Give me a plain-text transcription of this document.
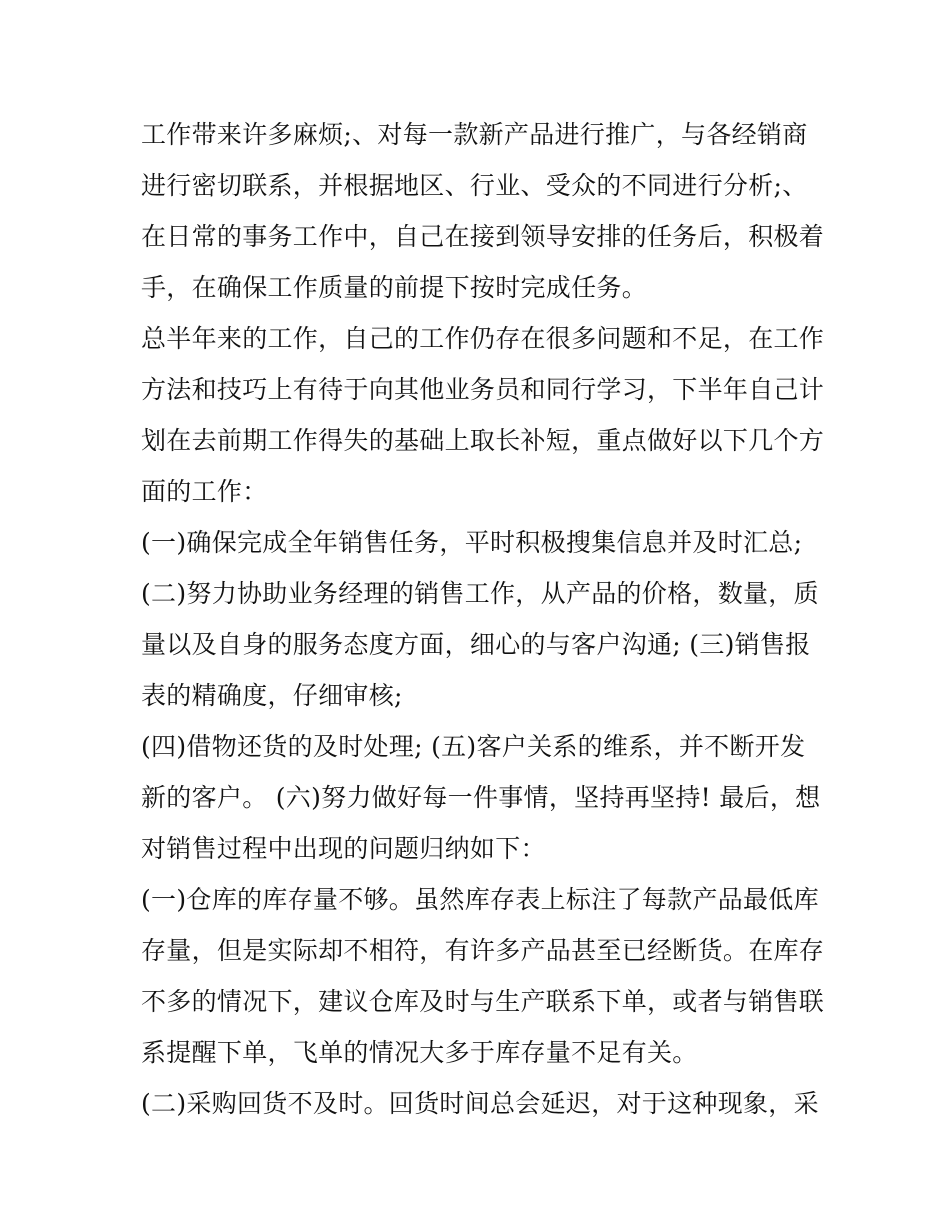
工作带来许多麻烦;、对每一款新产品进行推广，与各经销商
进行密切联系，并根据地区、行业、受众的不同进行分析;、
在日常的事务工作中，自己在接到领导安排的任务后，积极着
手，在确保工作质量的前提下按时完成任务。
总半年来的工作，自己的工作仍存在很多问题和不足，在工作
方法和技巧上有待于向其他业务员和同行学习，下半年自己计
划在去前期工作得失的基础上取长补短，重点做好以下几个方
面的工作：
(一)确保完成全年销售任务，平时积极搜集信息并及时汇总;
(二)努力协助业务经理的销售工作，从产品的价格，数量，质
量以及自身的服务态度方面，细心的与客户沟通; (三)销售报
表的精确度，仔细审核;
(四)借物还货的及时处理; (五)客户关系的维系，并不断开发
新的客户。 (六)努力做好每一件事情，坚持再坚持! 最后，想
对销售过程中出现的问题归纳如下：
(一)仓库的库存量不够。虽然库存表上标注了每款产品最低库
存量，但是实际却不相符，有许多产品甚至已经断货。在库存
不多的情况下，建议仓库及时与生产联系下单，或者与销售联
系提醒下单，飞单的情况大多于库存量不足有关。
(二)采购回货不及时。回货时间总会延迟，对于这种现象，采
